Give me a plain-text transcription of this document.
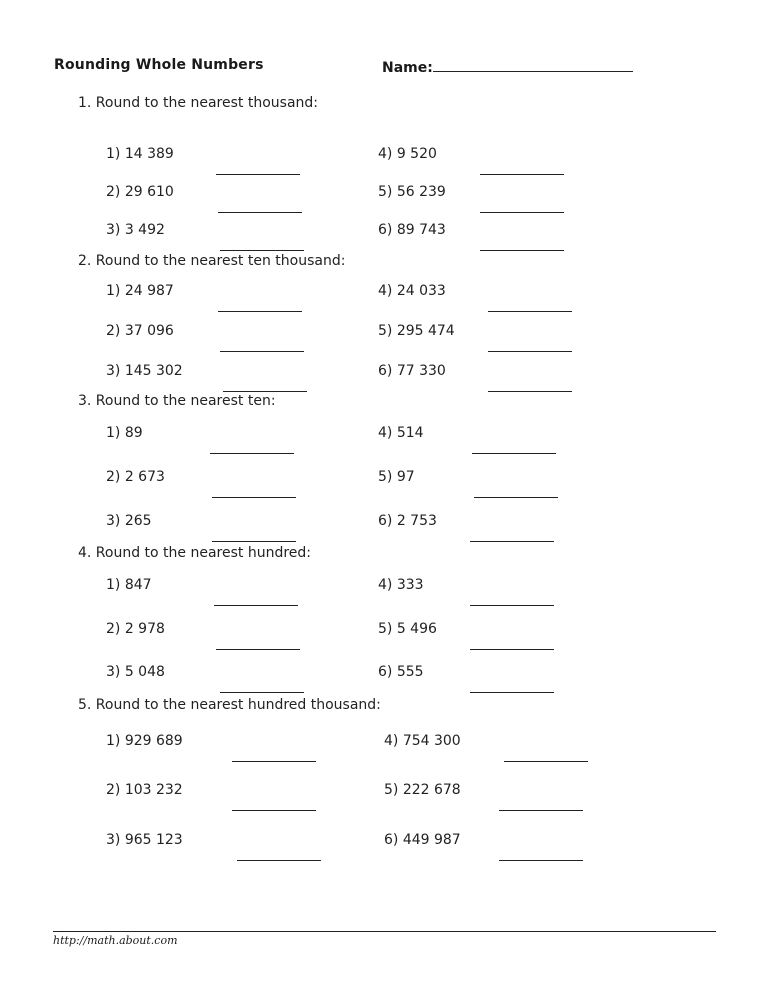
Rounding Whole Numbers	Name:
1. Round to the nearest thousand:
1) 14 389
2) 29 610
3) 3 492
4) 9 520
5) 56 239
6) 89 743
2. Round to the nearest ten thousand:
1) 24 987
2) 37 096
3) 145 302
4) 24 033
5) 295 474
6) 77 330
3. Round to the nearest ten:
1) 89
2) 2 673
3) 265
4) 514
5) 97
6) 2 753
4. Round to the nearest hundred:
1) 847
2) 2 978
3) 5 048
4) 333
5) 5 496
6) 555
5. Round to the nearest hundred thousand:
1) 929 689
2) 103 232
3) 965 123
4) 754 300
5) 222 678
6) 449 987
http://math.about.com
